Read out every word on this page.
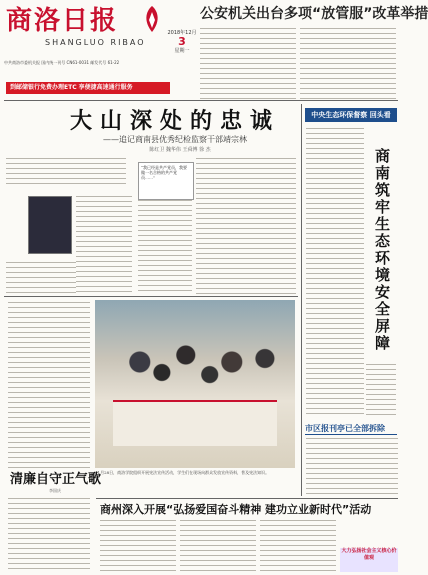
商洛日报
SHANGLUO RIBAO
2018年12月
3
星期一
中共商洛市委机关报 国内统一刊号 CN61-0031 邮发代号 61-22
到邮储银行免费办理ETC 享便捷高速通行服务
公安机关出台多项“放管服”改革举措
大山深处的忠诚
——追记商南县优秀纪检监察干部靖宗林
陈红卫 魏华伟 王舜博 徐 杰
“我已经是共产党员，我要做一名合格的共产党员……”
11月28日，商洛学院组织开展宪法宣传活动，学生们在现场向群众发放宣传资料，普及宪法知识。
清廉自守正气歌
李国庆
中央生态环保督察 回头看
商南筑牢生态环境安全屏障
市区报刊亭已全部拆除
商州深入开展“弘扬爱国奋斗精神 建功立业新时代”活动
大力弘扬社会主义核心价值观
